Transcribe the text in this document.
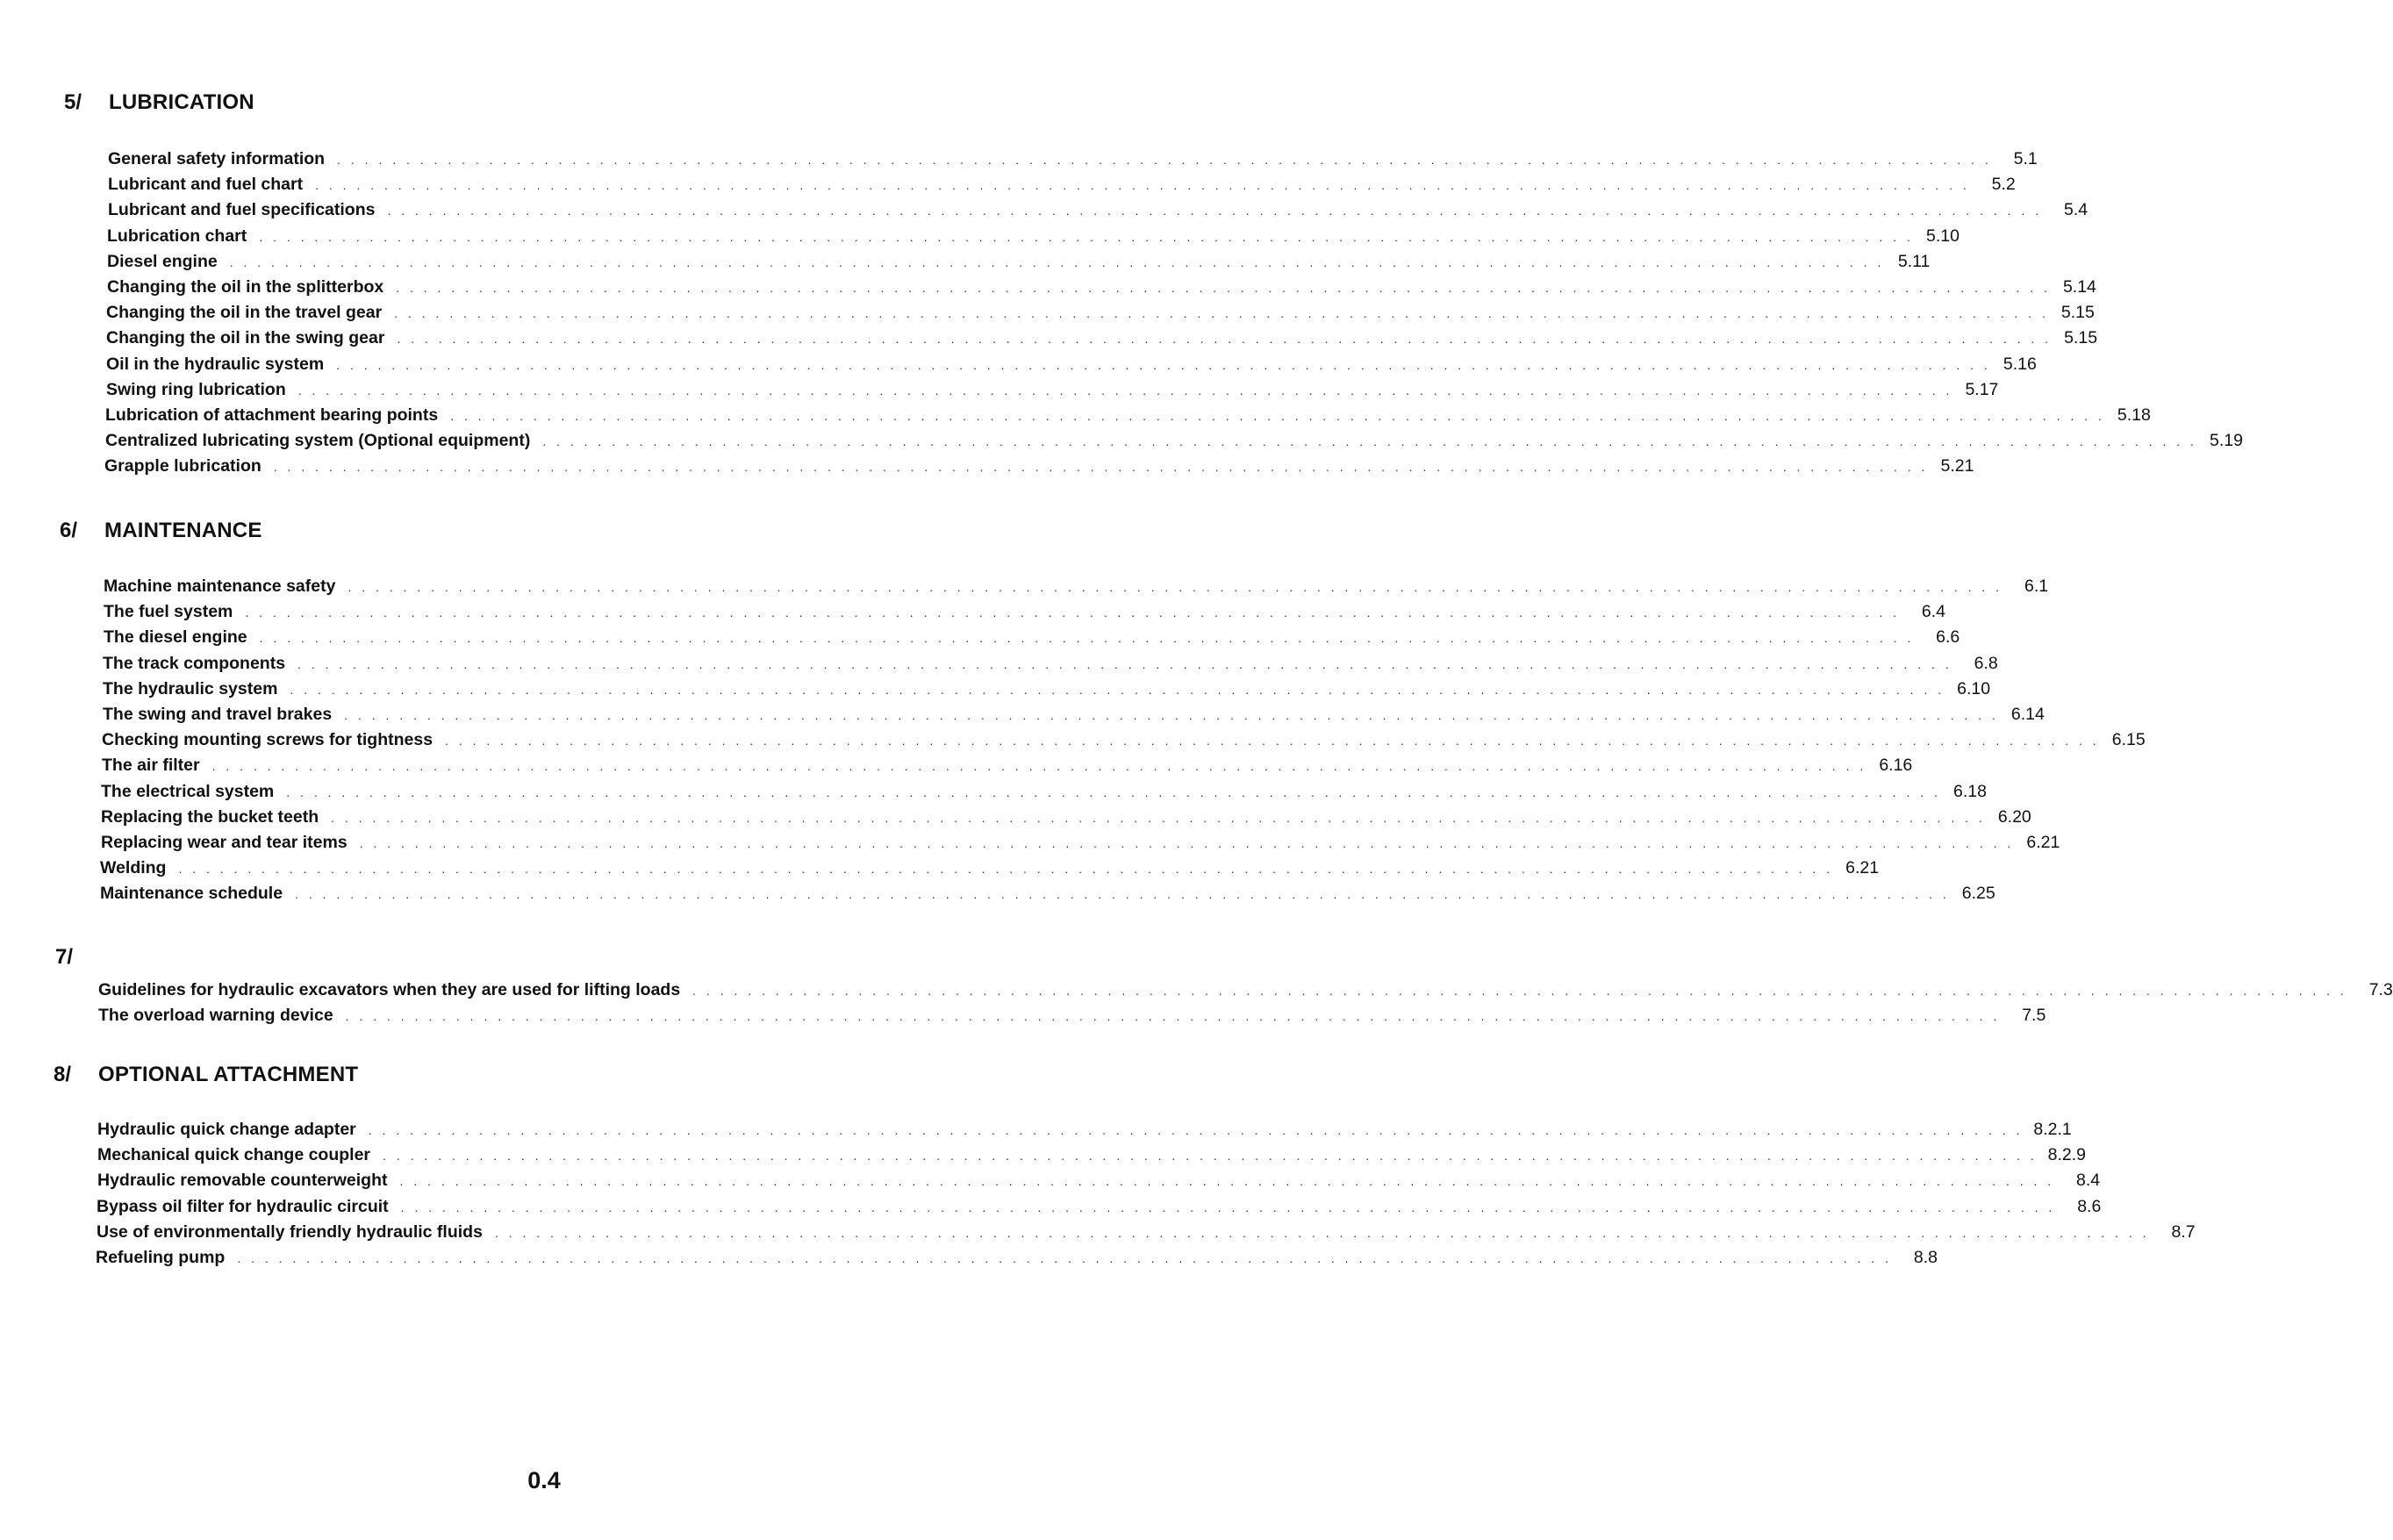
5/ LUBRICATION
General safety information . . . . . . . . . . . . . . . . . . . . . . . . . . . . . . . . . . . . . . . . . . . . . . . . . . . . . . . . . . . . . . . . . . . . . . . . . . . . . . . . . . . . . . . . . . . . . . . . . . . . . . . . . . . . . . . . . . . . . . . .	5.1
Lubricant and fuel chart . . . . . . . . . . . . . . . . . . . . . . . . . . . . . . . . . . . . . . . . . . . . . . . . . . . . . . . . . . . . . . . . . . . . . . . . . . . . . . . . . . . . . . . . . . . . . . . . . . . . . . . . . . . . . . . . . . . . . . . .	5.2
Lubricant and fuel specifications . . . . . . . . . . . . . . . . . . . . . . . . . . . . . . . . . . . . . . . . . . . . . . . . . . . . . . . . . . . . . . . . . . . . . . . . . . . . . . . . . . . . . . . . . . . . . . . . . . . . . . . . . . . . . . . . . . . . . . . .	5.4
Lubrication chart . . . . . . . . . . . . . . . . . . . . . . . . . . . . . . . . . . . . . . . . . . . . . . . . . . . . . . . . . . . . . . . . . . . . . . . . . . . . . . . . . . . . . . . . . . . . . . . . . . . . . . . . . . . . . . . . . . . . . . . . 5.10
Diesel engine . . . . . . . . . . . . . . . . . . . . . . . . . . . . . . . . . . . . . . . . . . . . . . . . . . . . . . . . . . . . . . . . . . . . . . . . . . . . . . . . . . . . . . . . . . . . . . . . . . . . . . . . . . . . . . . . . . . . . . . . 5.11
Changing the oil in the splitterbox . . . . . . . . . . . . . . . . . . . . . . . . . . . . . . . . . . . . . . . . . . . . . . . . . . . . . . . . . . . . . . . . . . . . . . . . . . . . . . . . . . . . . . . . . . . . . . . . . . . . . . . . . . . . . . . . . . . . . . . . 5.14
Changing the oil in the travel gear . . . . . . . . . . . . . . . . . . . . . . . . . . . . . . . . . . . . . . . . . . . . . . . . . . . . . . . . . . . . . . . . . . . . . . . . . . . . . . . . . . . . . . . . . . . . . . . . . . . . . . . . . . . . . . . . . . . . . . . . 5.15
Changing the oil in the swing gear . . . . . . . . . . . . . . . . . . . . . . . . . . . . . . . . . . . . . . . . . . . . . . . . . . . . . . . . . . . . . . . . . . . . . . . . . . . . . . . . . . . . . . . . . . . . . . . . . . . . . . . . . . . . . . . . . . . . . . . . 5.15
Oil in the hydraulic system . . . . . . . . . . . . . . . . . . . . . . . . . . . . . . . . . . . . . . . . . . . . . . . . . . . . . . . . . . . . . . . . . . . . . . . . . . . . . . . . . . . . . . . . . . . . . . . . . . . . . . . . . . . . . . . . . . . . . . . . 5.16
Swing ring lubrication . . . . . . . . . . . . . . . . . . . . . . . . . . . . . . . . . . . . . . . . . . . . . . . . . . . . . . . . . . . . . . . . . . . . . . . . . . . . . . . . . . . . . . . . . . . . . . . . . . . . . . . . . . . . . . . . . . . . . . . . 5.17
Lubrication of attachment bearing points . . . . . . . . . . . . . . . . . . . . . . . . . . . . . . . . . . . . . . . . . . . . . . . . . . . . . . . . . . . . . . . . . . . . . . . . . . . . . . . . . . . . . . . . . . . . . . . . . . . . . . . . . . . . . . . . . . . . . . . . 5.18
Centralized lubricating system (Optional equipment) . . . . . . . . . . . . . . . . . . . . . . . . . . . . . . . . . . . . . . . . . . . . . . . . . . . . . . . . . . . . . . . . . . . . . . . . . . . . . . . . . . . . . . . . . . . . . . . . . . . . . . . . . . . . . . . . . . . . . . . . 5.19
Grapple lubrication . . . . . . . . . . . . . . . . . . . . . . . . . . . . . . . . . . . . . . . . . . . . . . . . . . . . . . . . . . . . . . . . . . . . . . . . . . . . . . . . . . . . . . . . . . . . . . . . . . . . . . . . . . . . . . . . . . . . . . . . 5.21
6/ MAINTENANCE
Machine maintenance safety . . . . . . . . . . . . . . . . . . . . . . . . . . . . . . . . . . . . . . . . . . . . . . . . . . . . . . . . . . . . . . . . . . . . . . . . . . . . . . . . . . . . . . . . . . . . . . . . . . . . . . . . . . . . . . . . . . . . . . . .	6.1
The fuel system . . . . . . . . . . . . . . . . . . . . . . . . . . . . . . . . . . . . . . . . . . . . . . . . . . . . . . . . . . . . . . . . . . . . . . . . . . . . . . . . . . . . . . . . . . . . . . . . . . . . . . . . . . . . . . . . . . . . . . . .	6.4
The diesel engine . . . . . . . . . . . . . . . . . . . . . . . . . . . . . . . . . . . . . . . . . . . . . . . . . . . . . . . . . . . . . . . . . . . . . . . . . . . . . . . . . . . . . . . . . . . . . . . . . . . . . . . . . . . . . . . . . . . . . . . .	6.6
The track components . . . . . . . . . . . . . . . . . . . . . . . . . . . . . . . . . . . . . . . . . . . . . . . . . . . . . . . . . . . . . . . . . . . . . . . . . . . . . . . . . . . . . . . . . . . . . . . . . . . . . . . . . . . . . . . . . . . . . . . .	6.8
The hydraulic system . . . . . . . . . . . . . . . . . . . . . . . . . . . . . . . . . . . . . . . . . . . . . . . . . . . . . . . . . . . . . . . . . . . . . . . . . . . . . . . . . . . . . . . . . . . . . . . . . . . . . . . . . . . . . . . . . . . . . . . . 6.10
The swing and travel brakes . . . . . . . . . . . . . . . . . . . . . . . . . . . . . . . . . . . . . . . . . . . . . . . . . . . . . . . . . . . . . . . . . . . . . . . . . . . . . . . . . . . . . . . . . . . . . . . . . . . . . . . . . . . . . . . . . . . . . . . . 6.14
Checking mounting screws for tightness . . . . . . . . . . . . . . . . . . . . . . . . . . . . . . . . . . . . . . . . . . . . . . . . . . . . . . . . . . . . . . . . . . . . . . . . . . . . . . . . . . . . . . . . . . . . . . . . . . . . . . . . . . . . . . . . . . . . . . . . 6.15
The air filter . . . . . . . . . . . . . . . . . . . . . . . . . . . . . . . . . . . . . . . . . . . . . . . . . . . . . . . . . . . . . . . . . . . . . . . . . . . . . . . . . . . . . . . . . . . . . . . . . . . . . . . . . . . . . . . . . . . . . . . . 6.16
The electrical system . . . . . . . . . . . . . . . . . . . . . . . . . . . . . . . . . . . . . . . . . . . . . . . . . . . . . . . . . . . . . . . . . . . . . . . . . . . . . . . . . . . . . . . . . . . . . . . . . . . . . . . . . . . . . . . . . . . . . . . . 6.18
Replacing the bucket teeth . . . . . . . . . . . . . . . . . . . . . . . . . . . . . . . . . . . . . . . . . . . . . . . . . . . . . . . . . . . . . . . . . . . . . . . . . . . . . . . . . . . . . . . . . . . . . . . . . . . . . . . . . . . . . . . . . . . . . . . . 6.20
Replacing wear and tear items . . . . . . . . . . . . . . . . . . . . . . . . . . . . . . . . . . . . . . . . . . . . . . . . . . . . . . . . . . . . . . . . . . . . . . . . . . . . . . . . . . . . . . . . . . . . . . . . . . . . . . . . . . . . . . . . . . . . . . . . 6.21
Welding . . . . . . . . . . . . . . . . . . . . . . . . . . . . . . . . . . . . . . . . . . . . . . . . . . . . . . . . . . . . . . . . . . . . . . . . . . . . . . . . . . . . . . . . . . . . . . . . . . . . . . . . . . . . . . . . . . . . . . . . 6.21
Maintenance schedule . . . . . . . . . . . . . . . . . . . . . . . . . . . . . . . . . . . . . . . . . . . . . . . . . . . . . . . . . . . . . . . . . . . . . . . . . . . . . . . . . . . . . . . . . . . . . . . . . . . . . . . . . . . . . . . . . . . . . . . . 6.25
7/
Guidelines for hydraulic excavators when they are used for lifting loads . . . . . . . . . . . . . . . . . . . . . . . . . . . . . . . . . . . . . . . . . . . . . . . . . . . . . . . . . . . . . . . . . . . . . . . . . . . . . . . . . . . . . . . . . . . . . . . . . . . . . . . . . . . . . . . . . . . . . . . .	7.3
The overload warning device . . . . . . . . . . . . . . . . . . . . . . . . . . . . . . . . . . . . . . . . . . . . . . . . . . . . . . . . . . . . . . . . . . . . . . . . . . . . . . . . . . . . . . . . . . . . . . . . . . . . . . . . . . . . . . . . . . . . . . . .	7.5
8/ OPTIONAL ATTACHMENT
Hydraulic quick change adapter . . . . . . . . . . . . . . . . . . . . . . . . . . . . . . . . . . . . . . . . . . . . . . . . . . . . . . . . . . . . . . . . . . . . . . . . . . . . . . . . . . . . . . . . . . . . . . . . . . . . . . . . . . . . . . . . . . . . . . . . 8.2.1
Mechanical quick change coupler . . . . . . . . . . . . . . . . . . . . . . . . . . . . . . . . . . . . . . . . . . . . . . . . . . . . . . . . . . . . . . . . . . . . . . . . . . . . . . . . . . . . . . . . . . . . . . . . . . . . . . . . . . . . . . . . . . . . . . . . 8.2.9
Hydraulic removable counterweight . . . . . . . . . . . . . . . . . . . . . . . . . . . . . . . . . . . . . . . . . . . . . . . . . . . . . . . . . . . . . . . . . . . . . . . . . . . . . . . . . . . . . . . . . . . . . . . . . . . . . . . . . . . . . . . . . . . . . . . .	8.4
Bypass oil filter for hydraulic circuit . . . . . . . . . . . . . . . . . . . . . . . . . . . . . . . . . . . . . . . . . . . . . . . . . . . . . . . . . . . . . . . . . . . . . . . . . . . . . . . . . . . . . . . . . . . . . . . . . . . . . . . . . . . . . . . . . . . . . . . .	8.6
Use of environmentally friendly hydraulic fluids . . . . . . . . . . . . . . . . . . . . . . . . . . . . . . . . . . . . . . . . . . . . . . . . . . . . . . . . . . . . . . . . . . . . . . . . . . . . . . . . . . . . . . . . . . . . . . . . . . . . . . . . . . . . . . . . . . . . . . . .	8.7
Refueling pump . . . . . . . . . . . . . . . . . . . . . . . . . . . . . . . . . . . . . . . . . . . . . . . . . . . . . . . . . . . . . . . . . . . . . . . . . . . . . . . . . . . . . . . . . . . . . . . . . . . . . . . . . . . . . . . . . . . . . . . .	8.8
0.4
